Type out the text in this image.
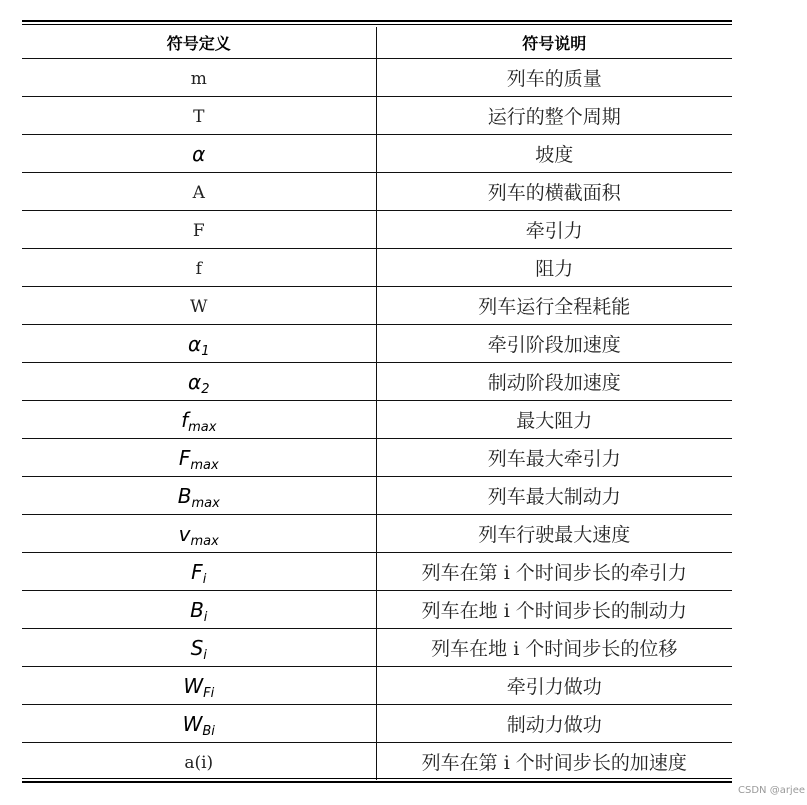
符号定义	符号说明
m	列车的质量
T	运行的整个周期
α	坡度
A	列车的横截面积
F	牵引力
f	阻力
W	列车运行全程耗能
$\alpha_1$	牵引阶段加速度
$\alpha_2$	制动阶段加速度
$f_{max}$	最大阻力
$F_{max}$	列车最大牵引力
$B_{max}$	列车最大制动力
$v_{max}$	列车行驶最大速度
$F_i$	列车在第 i 个时间步长的牵引力
$B_i$	列车在地 i 个时间步长的制动力
$S_i$	列车在地 i 个时间步长的位移
$W_{Fi}$	牵引力做功
$W_{Bi}$	制动力做功
a(i)	列车在第 i 个时间步长的加速度
CSDN @arjee
